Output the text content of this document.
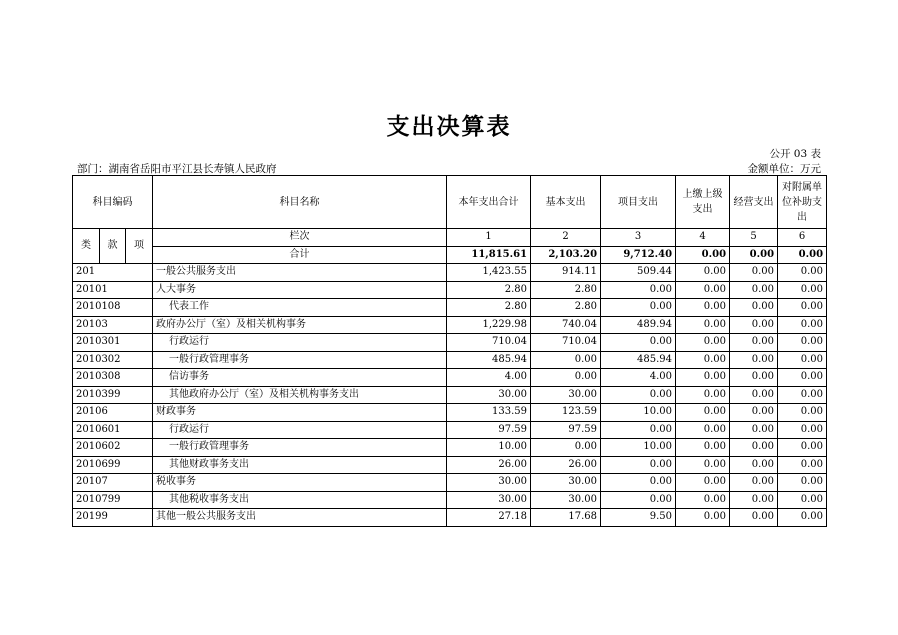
支出决算表
公开 03 表
部门：湖南省岳阳市平江县长寿镇人民政府	金额单位：万元
科目编码			科目名称	本年支出合计	基本支出	项目支出	上缴上级支出	经营支出	对附属单位补助支出
类	款	项	栏次	1	2	3	4	5	6
			合计	11,815.61	2,103.20	9,712.40	0.00	0.00	0.00
201			一般公共服务支出	1,423.55	914.11	509.44	0.00	0.00	0.00
20101			人大事务	2.80	2.80	0.00	0.00	0.00	0.00
2010108			代表工作	2.80	2.80	0.00	0.00	0.00	0.00
20103			政府办公厅（室）及相关机构事务	1,229.98	740.04	489.94	0.00	0.00	0.00
2010301			行政运行	710.04	710.04	0.00	0.00	0.00	0.00
2010302			一般行政管理事务	485.94	0.00	485.94	0.00	0.00	0.00
2010308			信访事务	4.00	0.00	4.00	0.00	0.00	0.00
2010399			其他政府办公厅（室）及相关机构事务支出	30.00	30.00	0.00	0.00	0.00	0.00
20106			财政事务	133.59	123.59	10.00	0.00	0.00	0.00
2010601			行政运行	97.59	97.59	0.00	0.00	0.00	0.00
2010602			一般行政管理事务	10.00	0.00	10.00	0.00	0.00	0.00
2010699			其他财政事务支出	26.00	26.00	0.00	0.00	0.00	0.00
20107			税收事务	30.00	30.00	0.00	0.00	0.00	0.00
2010799			其他税收事务支出	30.00	30.00	0.00	0.00	0.00	0.00
20199			其他一般公共服务支出	27.18	17.68	9.50	0.00	0.00	0.00
